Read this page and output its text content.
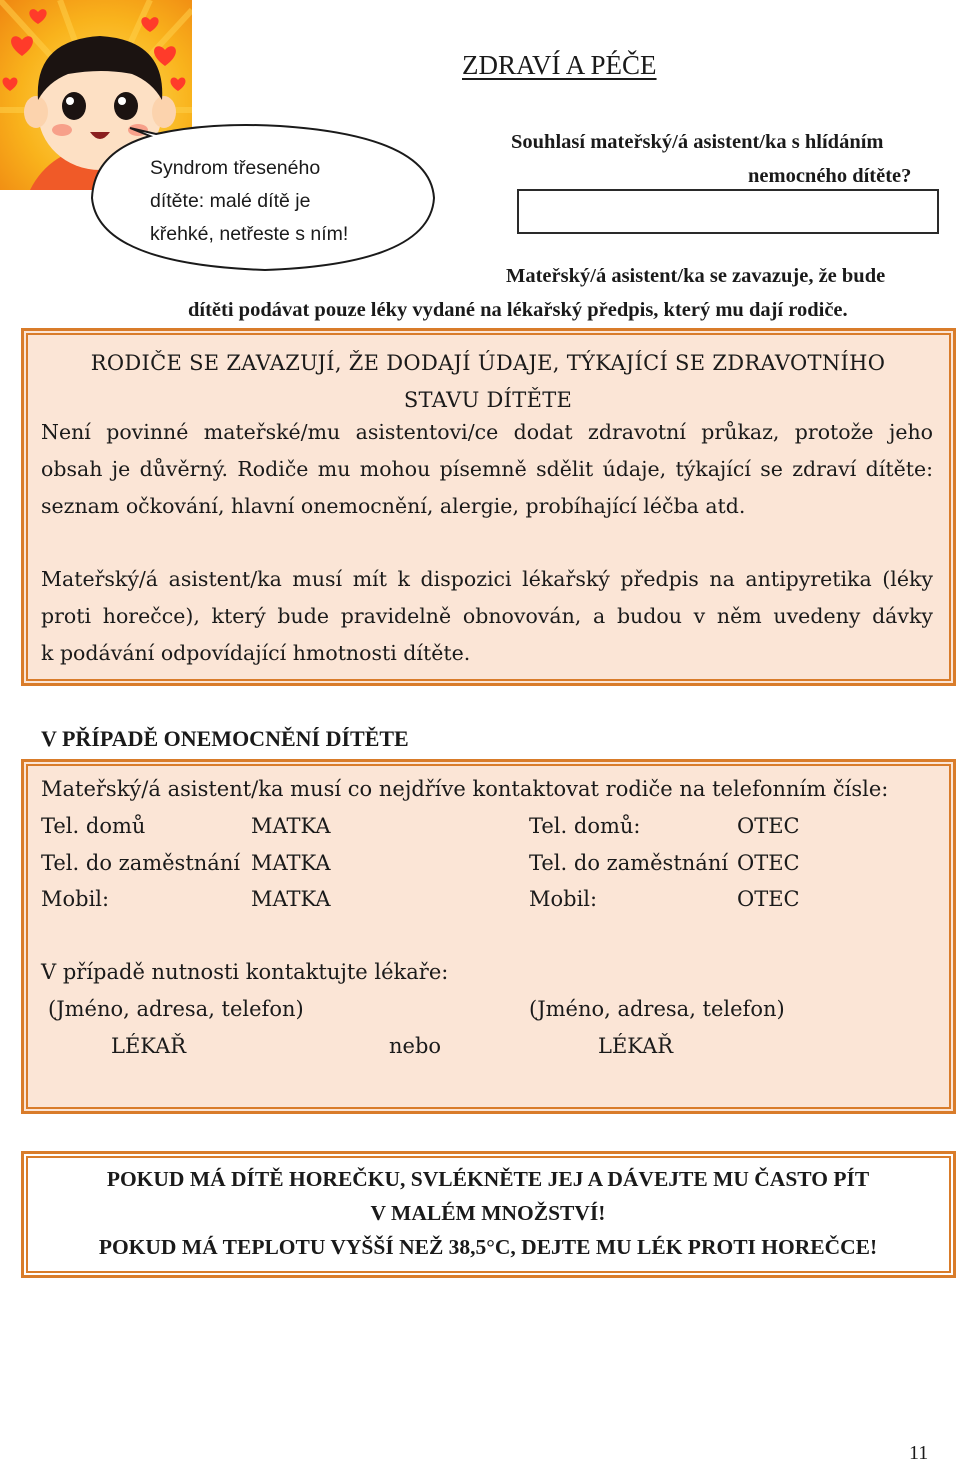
Syndrom třeseného
dítěte: malé dítě je
křehké, netřeste s ním!
ZDRAVÍ A PÉČE
Souhlasí mateřský/á asistent/ka s hlídáním
nemocného dítěte?
Mateřský/á asistent/ka se zavazuje, že bude
dítěti podávat pouze léky vydané na lékařský předpis, který mu dají rodiče.
RODIČE SE ZAVAZUJÍ, ŽE DODAJÍ ÚDAJE, TÝKAJÍCÍ SE ZDRAVOTNÍHO
STAVU DÍTĚTE
Není povinné mateřské/mu asistentovi/ce dodat zdravotní průkaz, protože jeho
obsah je důvěrný. Rodiče mu mohou písemně sdělit údaje, týkající se zdraví dítěte:
seznam očkování, hlavní onemocnění, alergie, probíhající léčba atd.
Mateřský/á asistent/ka musí mít k dispozici lékařský předpis na antipyretika (léky
proti horečce), který bude pravidelně obnovován, a budou v něm uvedeny dávky
k podávání odpovídající hmotnosti dítěte.
V PŘÍPADĚ ONEMOCNĚNÍ DÍTĚTE
Mateřský/á asistent/ka musí co nejdříve kontaktovat rodiče na telefonním čísle:
Tel. domů	MATKA	Tel. domů:	OTEC
Tel. do zaměstnání MATKA	Tel. do zaměstnání OTEC
Mobil:	MATKA	Mobil:	OTEC
V případě nutnosti kontaktujte lékaře:
(Jméno, adresa, telefon)	(Jméno, adresa, telefon)
LÉKAŘ	nebo	LÉKAŘ
POKUD MÁ DÍTĚ HOREČKU, SVLÉKNĚTE JEJ A DÁVEJTE MU ČASTO PÍT
V MALÉM MNOŽSTVÍ!
POKUD MÁ TEPLOTU VYŠŠÍ NEŽ 38,5°C, DEJTE MU LÉK PROTI HOREČCE!
11
